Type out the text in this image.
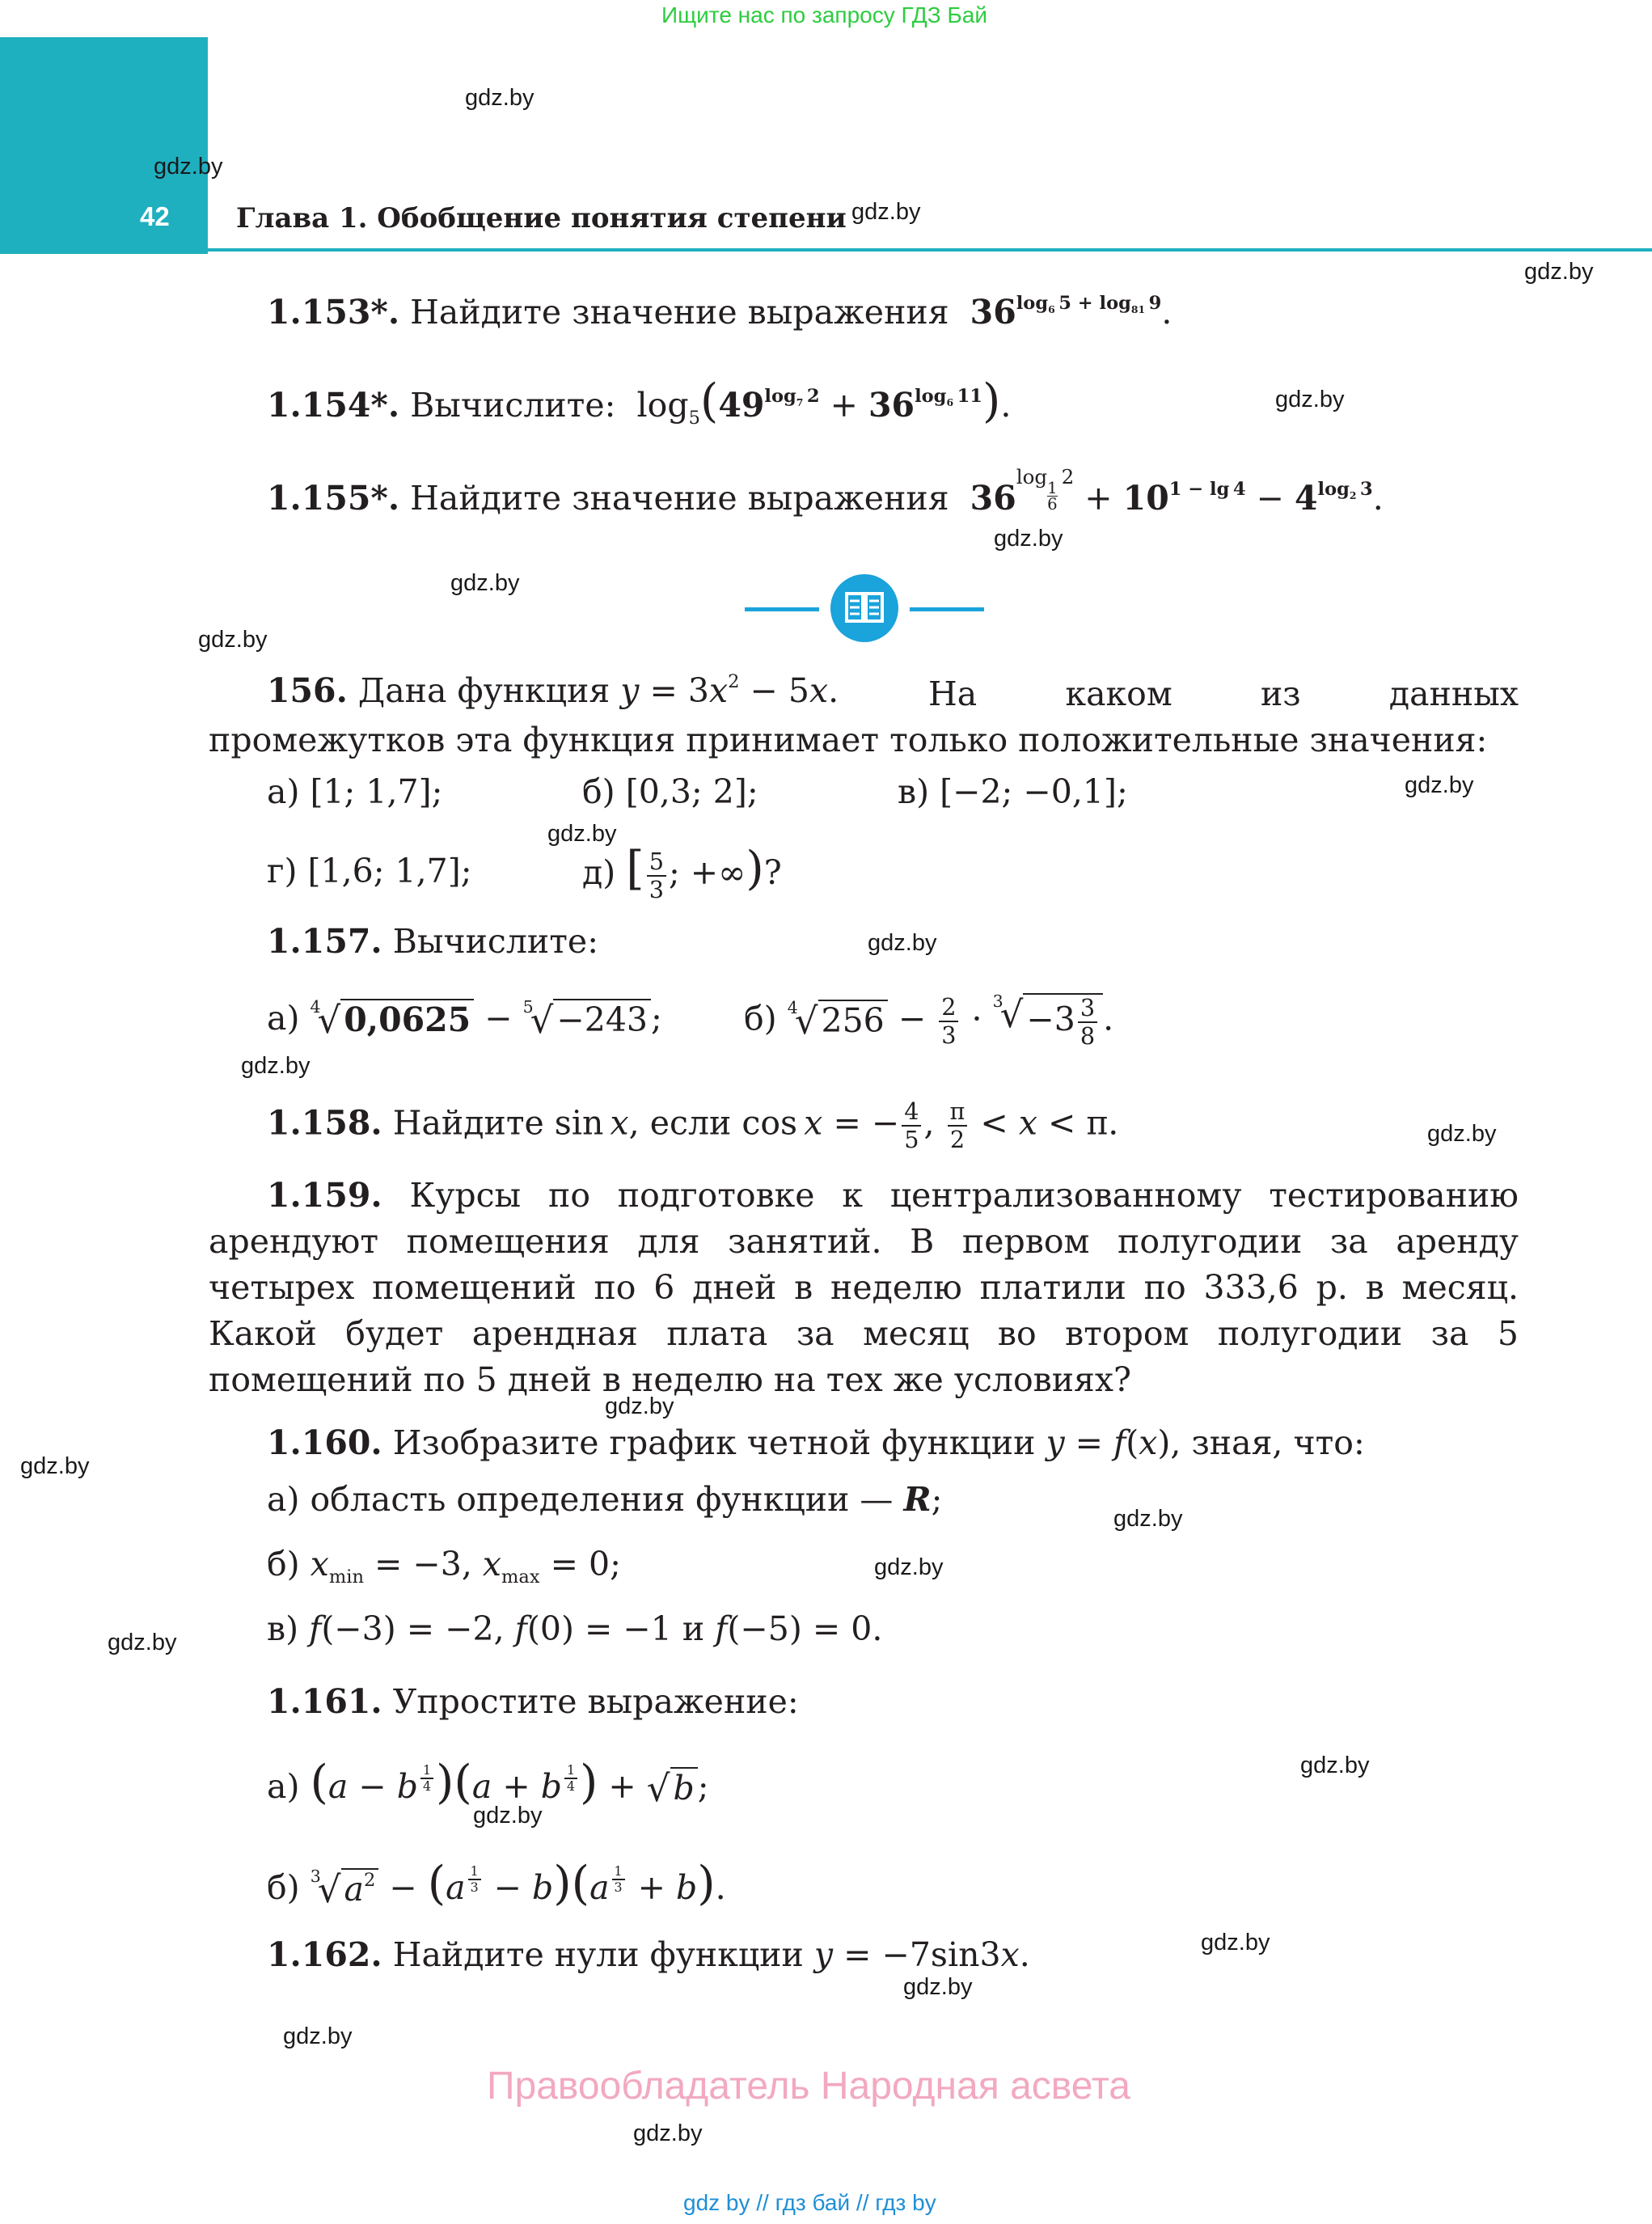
Ищите нас по запросу ГДЗ Бай
42 Глава 1. Обобщение понятия степени
1.153*. Найдите значение выражения $36^{log_6 5 + log_{81} 9}$.
1.154*. Вычислите:  $\log_5(49^{log_7 2} + 36^{log_6 11})$.
1.155*. Найдите значение выражения 36log
$\frac{1}{6}$
 $2 + 10^{1 - lg 4} - 4^{log_2 3}$.
156. Дана функция $y = 3x^2 - 5x$.	На каком из данных промежутков эта функция принимает только положительные значения:
а) [1; 1,7];	б) [0,3; 2];	в) [−2; −0,1];
г) [1,6; 1,7];	д) [ $\frac{5}{3}$ ; +∞)?
1.157. Вычислите:
а) 4
√ 0,0625 − 5
√ −243 ; б) 4
√ $256 - \frac{2}{3} \cdot 3$
√ $-3 \frac{3}{8}$ .
1.158. Найдите sin x, если cos x = − $\frac{4}{5}$ , $\frac{\pi}{2} < x < \pi$.
1.159. Курсы по подготовке к централизованному тестированию арендуют помещения для занятий. В первом полугодии за аренду четырех помещений по 6 дней в неделю платили по 333,6 р. в месяц. Какой будет арендная плата за месяц во втором полугодии за 5 помещений по 5 дней в неделю на тех же условиях?
1.160. Изобразите график четной функции y = f(x), зная, что:
а) область определения функции — R;
б) $x_{min} = -3$, $x_{max} = 0$;
в) f(−3) = −2, f(0) = −1 и f(−5) = 0.
1.161. Упростите выражение:
а) (a − b $^{\frac{1}{4}}$ )(a + b $^{\frac{1}{4}}$ ) + √ b ;
б) 3
√ $a^2 - (a$ $^{\frac{1}{3}}$ − b)(a $^{\frac{1}{3}}$ + b).
1.162. Найдите нули функции y = −7sin3x.
gdz.by
gdz.by
gdz.by
gdz.by
gdz.by
gdz.by
gdz.by
gdz.by
gdz.by
gdz.by
gdz.by
gdz.by
gdz.by
gdz.by
gdz.by
gdz.by
gdz.by
gdz.by
gdz.by
gdz.by
gdz.by
gdz.by
gdz.by
gdz.by
Правообладатель Народная асвета
gdz by // гдз бай // гдз by
